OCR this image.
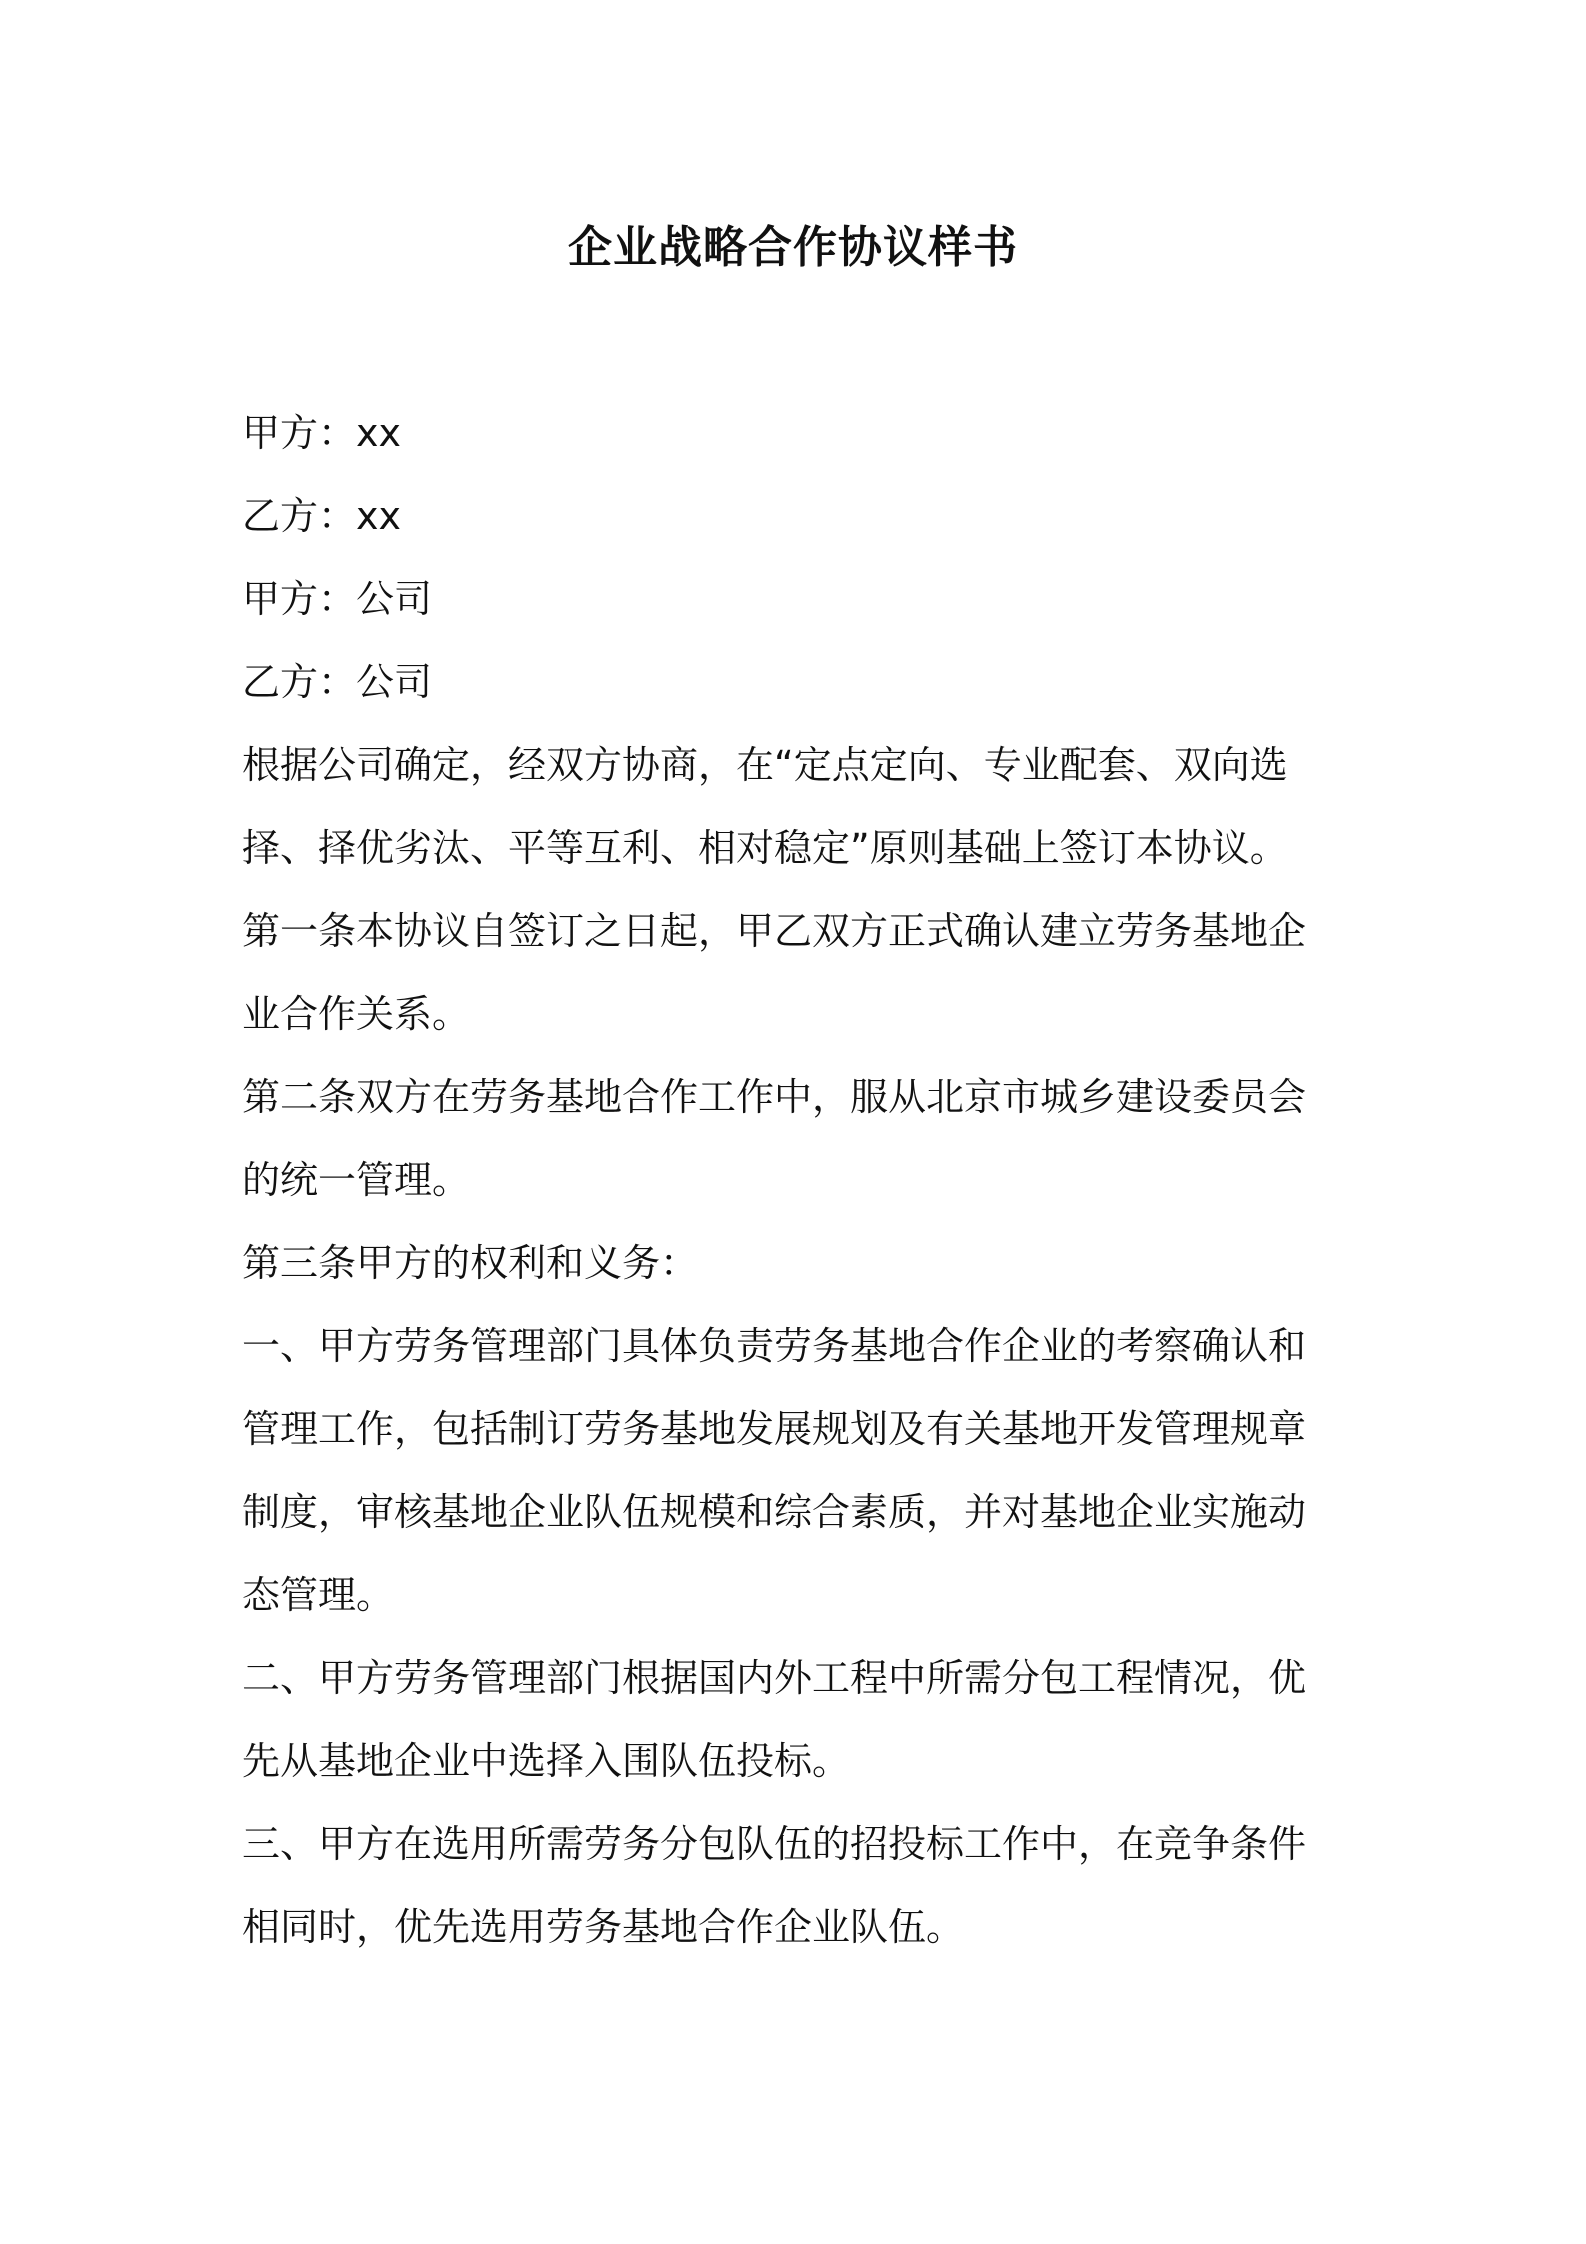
企业战略合作协议样书
甲方：xx
乙方：xx
甲方：公司
乙方：公司
根据公司确定，经双方协商，在“定点定向、专业配套、双向选
择、择优劣汰、平等互利、相对稳定”原则基础上签订本协议。
第一条本协议自签订之日起，甲乙双方正式确认建立劳务基地企
业合作关系。
第二条双方在劳务基地合作工作中，服从北京市城乡建设委员会
的统一管理。
第三条甲方的权利和义务：
一、甲方劳务管理部门具体负责劳务基地合作企业的考察确认和
管理工作，包括制订劳务基地发展规划及有关基地开发管理规章
制度，审核基地企业队伍规模和综合素质，并对基地企业实施动
态管理。
二、甲方劳务管理部门根据国内外工程中所需分包工程情况，优
先从基地企业中选择入围队伍投标。
三、甲方在选用所需劳务分包队伍的招投标工作中，在竞争条件
相同时，优先选用劳务基地合作企业队伍。
